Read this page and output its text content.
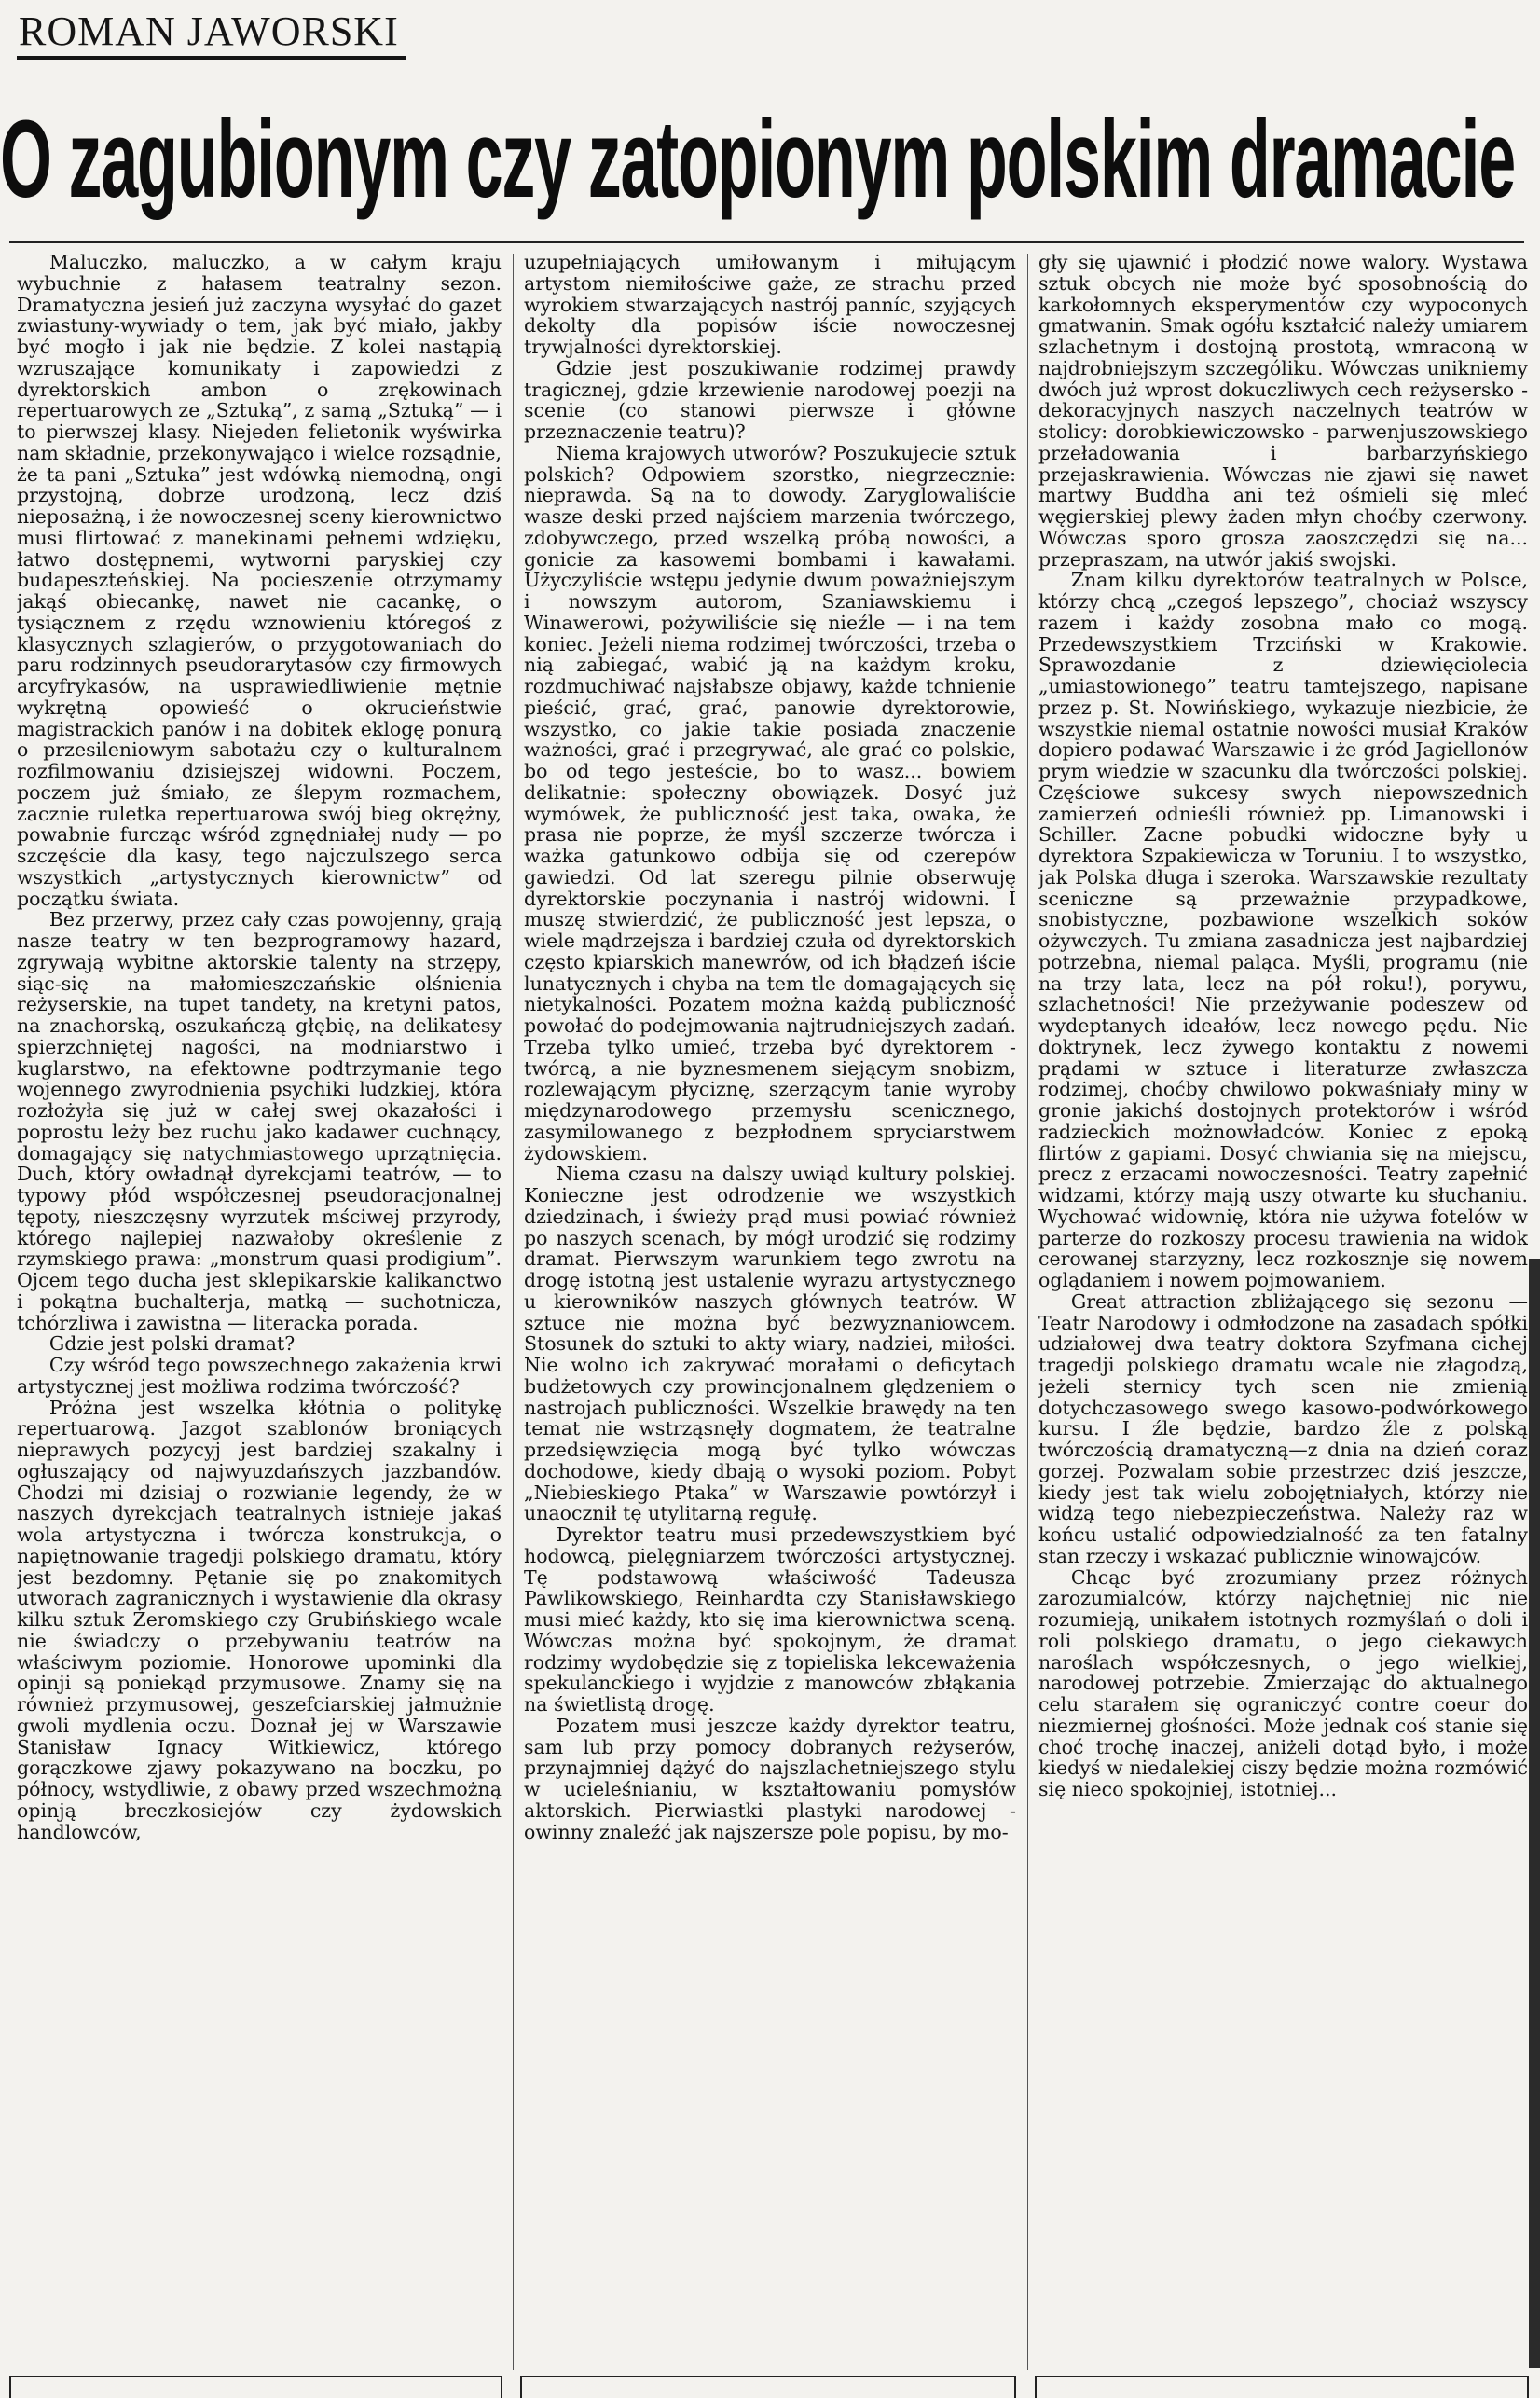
ROMAN JAWORSKI
O zagubionym czy zatopionym polskim dramacie

Maluczko, maluczko, a w całym kraju wybuchnie z hałasem teatralny sezon. Dramatyczna jesień już zaczyna wysyłać do gazet zwiastuny-wywiady o tem, jak być miało, jakby być mogło i jak nie będzie. Z kolei nastąpią wzruszające komunikaty i zapowiedzi z dyrektorskich ambon o zrękowinach repertuarowych ze „Sztuką”, z samą „Sztuką” — i to pierwszej klasy. Niejeden felietonik wyświrka nam składnie, przekonywająco i wielce rozsądnie, że ta pani „Sztuka” jest wdówką niemodną, ongi przystojną, dobrze urodzoną, lecz dziś nieposażną, i że nowoczesnej sceny kierownictwo musi flirtować z manekinami pełnemi wdzięku, łatwo dostępnemi, wytworni paryskiej czy budapeszteńskiej. Na pocieszenie otrzymamy jakąś obiecankę, nawet nie cacankę, o tysiącznem z rzędu wznowieniu któregoś z klasycznych szlagierów, o przygotowaniach do paru rodzinnych pseudorarytasów czy firmowych arcyfrykasów, na usprawiedliwienie mętnie wykrętną opowieść o okrucieństwie magistrackich panów i na dobitek eklogę ponurą o przesileniowym sabotażu czy o kulturalnem rozfilmowaniu dzisiejszej widowni. Poczem, poczem już śmiało, ze ślepym rozmachem, zacznie ruletka repertuarowa swój bieg okrężny, powabnie furcząc wśród zgnędniałej nudy — po szczęście dla kasy, tego najczulszego serca wszystkich „artystycznych kierownictw” od początku świata.

Bez przerwy, przez cały czas powojenny, grają nasze teatry w ten bezprogramowy hazard, zgrywają wybitne aktorskie talenty na strzępy, siąc-się na małomieszczańskie olśnienia reżyserskie, na tupet tandety, na kretyni patos, na znachorską, oszukańczą głębię, na delikatesy spierzchniętej nagości, na modniarstwo i kuglarstwo, na efektowne podtrzymanie tego wojennego zwyrodnienia psychiki ludzkiej, która rozłożyła się już w całej swej okazałości i poprostu leży bez ruchu jako kadawer cuchnący, domagający się natychmiastowego uprzątnięcia. Duch, który owładnął dyrekcjami teatrów, — to typowy płód współczesnej pseudoracjonalnej tępoty, nieszczęsny wyrzutek mściwej przyrody, którego najlepiej nazwałoby określenie z rzymskiego prawa: „monstrum quasi prodigium”. Ojcem tego ducha jest sklepikarskie kalikanctwo i pokątna buchalterja, matką — suchotnicza, tchórzliwa i zawistna — literacka porada.

Gdzie jest polski dramat?

Czy wśród tego powszechnego zakażenia krwi artystycznej jest możliwa rodzima twórczość?

Próżna jest wszelka kłótnia o politykę repertuarową. Jazgot szablonów broniących nieprawych pozycyj jest bardziej szakalny i ogłuszający od najwyuzdańszych jazzbandów. Chodzi mi dzisiaj o rozwianie legendy, że w naszych dyrekcjach teatralnych istnieje jakaś wola artystyczna i twórcza konstrukcja, o napiętnowanie tragedji polskiego dramatu, który jest bezdomny. Pętanie się po znakomitych utworach zagranicznych i wystawienie dla okrasy kilku sztuk Żeromskiego czy Grubińskiego wcale nie świadczy o przebywaniu teatrów na właściwym poziomie. Honorowe upominki dla opinji są poniekąd przymusowe. Znamy się na również przymusowej, geszefciarskiej jałmużnie gwoli mydlenia oczu. Doznał jej w Warszawie Stanisław Ignacy Witkiewicz, którego gorączkowe zjawy pokazywano na boczku, po północy, wstydliwie, z obawy przed wszechmożną opinją breczkosiejów czy żydowskich handlowców,

uzupełniających umiłowanym i miłującym artystom niemiłościwe gaże, ze strachu przed wyrokiem stwarzających nastrój panníc, szyjących dekolty dla popisów iście nowoczesnej trywjalności dyrektorskiej.

Gdzie jest poszukiwanie rodzimej prawdy tragicznej, gdzie krzewienie narodowej poezji na scenie (co stanowi pierwsze i główne przeznaczenie teatru)?

Niema krajowych utworów? Poszukujecie sztuk polskich? Odpowiem szorstko, niegrzecznie: nieprawda. Są na to dowody. Zaryglowaliście wasze deski przed najściem marzenia twórczego, zdobywczego, przed wszelką próbą nowości, a gonicie za kasowemi bombami i kawałami. Użyczyliście wstępu jedynie dwum poważniejszym i nowszym autorom, Szaniawskiemu i Winawerowi, pożywiliście się nieźle — i na tem koniec. Jeżeli niema rodzimej twórczości, trzeba o nią zabiegać, wabić ją na każdym kroku, rozdmuchiwać najsłabsze objawy, każde tchnienie pieścić, grać, grać, panowie dyrektorowie, wszystko, co jakie takie posiada znaczenie ważności, grać i przegrywać, ale grać co polskie, bo od tego jesteście, bo to wasz... bowiem delikatnie: społeczny obowiązek. Dosyć już wymówek, że publiczność jest taka, owaka, że prasa nie poprze, że myśl szczerze twórcza i ważka gatunkowo odbija się od czerepów gawiedzi. Od lat szeregu pilnie obserwuję dyrektorskie poczynania i nastrój widowni. I muszę stwierdzić, że publiczność jest lepsza, o wiele mądrzejsza i bardziej czuła od dyrektorskich często kpiarskich manewrów, od ich błądzeń iście lunatycznych i chyba na tem tle domagających się nietykalności. Pozatem można każdą publiczność powołać do podejmowania najtrudniejszych zadań. Trzeba tylko umieć, trzeba być dyrektorem - twórcą, a nie byznesmenem siejącym snobizm, rozlewającym płyciznę, szerzącym tanie wyroby międzynarodowego przemysłu scenicznego, zasymilowanego z bezpłodnem spryciarstwem żydowskiem.

Niema czasu na dalszy uwiąd kultury polskiej. Konieczne jest odrodzenie we wszystkich dziedzinach, i świeży prąd musi powiać również po naszych scenach, by mógł urodzić się rodzimy dramat. Pierwszym warunkiem tego zwrotu na drogę istotną jest ustalenie wyrazu artystycznego u kierowników naszych głównych teatrów. W sztuce nie można być bezwyznaniowcem. Stosunek do sztuki to akty wiary, nadziei, miłości. Nie wolno ich zakrywać morałami o deficytach budżetowych czy prowincjonalnem ględzeniem o nastrojach publiczności. Wszelkie brawędy na ten temat nie wstrząsnęły dogmatem, że teatralne przedsięwzięcia mogą być tylko wówczas dochodowe, kiedy dbają o wysoki poziom. Pobyt „Niebieskiego Ptaka” w Warszawie powtórzył i unaocznił tę utylitarną regułę.

Dyrektor teatru musi przedewszystkiem być hodowcą, pielęgniarzem twórczości artystycznej. Tę podstawową właściwość Tadeusza Pawlikowskiego, Reinhardta czy Stanisławskiego musi mieć każdy, kto się ima kierownictwa sceną. Wówczas można być spokojnym, że dramat rodzimy wydobędzie się z topieliska lekceważenia spekulanckiego i wyjdzie z manowców zbłąkania na świetlistą drogę.

Pozatem musi jeszcze każdy dyrektor teatru, sam lub przy pomocy dobranych reżyserów, przynajmniej dążyć do najszlachetniejszego stylu w ucieleśnianiu, w kształtowaniu pomysłów aktorskich. Pierwiastki plastyki narodowej -owinny znaleźć jak najszersze pole popisu, by mo-

gły się ujawnić i płodzić nowe walory. Wystawa sztuk obcych nie może być sposobnością do karkołomnych eksperymentów czy wypoconych gmatwanin. Smak ogółu kształcić należy umiarem szlachetnym i dostojną prostotą, wmraconą w najdrobniejszym szczególiku. Wówczas unikniemy dwóch już wprost dokuczliwych cech reżysersko - dekoracyjnych naszych naczelnych teatrów w stolicy: dorobkiewiczowsko - parwenjuszowskiego przeładowania i barbarzyńskiego przejaskrawienia. Wówczas nie zjawi się nawet martwy Buddha ani też ośmieli się mleć węgierskiej plewy żaden młyn choćby czerwony. Wówczas sporo grosza zaoszczędzi się na... przepraszam, na utwór jakiś swojski.

Znam kilku dyrektorów teatralnych w Polsce, którzy chcą „czegoś lepszego”, chociaż wszyscy razem i każdy zosobna mało co mogą. Przedewszystkiem Trzciński w Krakowie. Sprawozdanie z dziewięciolecia „umiastowionego” teatru tamtejszego, napisane przez p. St. Nowińskiego, wykazuje niezbicie, że wszystkie niemal ostatnie nowości musiał Kraków dopiero podawać Warszawie i że gród Jagiellonów prym wiedzie w szacunku dla twórczości polskiej. Częściowe sukcesy swych niepowszednich zamierzeń odnieśli również pp. Limanowski i Schiller. Zacne pobudki widoczne były u dyrektora Szpakiewicza w Toruniu. I to wszystko, jak Polska długa i szeroka. Warszawskie rezultaty sceniczne są przeważnie przypadkowe, snobistyczne, pozbawione wszelkich soków ożywczych. Tu zmiana zasadnicza jest najbardziej potrzebna, niemal paląca. Myśli, programu (nie na trzy lata, lecz na pół roku!), porywu, szlachetności! Nie przeżywanie podeszew od wydeptanych ideałów, lecz nowego pędu. Nie doktrynek, lecz żywego kontaktu z nowemi prądami w sztuce i literaturze zwłaszcza rodzimej, choćby chwilowo pokwaśniały miny w gronie jakichś dostojnych protektorów i wśród radzieckich możnowładców. Koniec z epoką flirtów z gapiami. Dosyć chwiania się na miejscu, precz z erzacami nowoczesności. Teatry zapełnić widzami, którzy mają uszy otwarte ku słuchaniu. Wychować widownię, która nie używa fotelów w parterze do rozkoszy procesu trawienia na widok cerowanej starzyzny, lecz rozkosznje się nowem oglądaniem i nowem pojmowaniem.

Great attraction zbliżającego się sezonu — Teatr Narodowy i odmłodzone na zasadach spółki udziałowej dwa teatry doktora Szyfmana cichej tragedji polskiego dramatu wcale nie złagodzą, jeżeli sternicy tych scen nie zmienią dotychczasowego swego kasowo-podwórkowego kursu. I źle będzie, bardzo źle z polską twórczością dramatyczną—z dnia na dzień coraz gorzej. Pozwalam sobie przestrzec dziś jeszcze, kiedy jest tak wielu zobojętniałych, którzy nie widzą tego niebezpieczeństwa. Należy raz w końcu ustalić odpowiedzialność za ten fatalny stan rzeczy i wskazać publicznie winowajców.

Chcąc być zrozumiany przez różnych zarozumialców, którzy najchętniej nic nie rozumieją, unikałem istotnych rozmyślań o doli i roli polskiego dramatu, o jego ciekawych naroślach współczesnych, o jego wielkiej, narodowej potrzebie. Zmierzając do aktualnego celu starałem się ograniczyć contre coeur do niezmiernej głośności. Może jednak coś stanie się choć trochę inaczej, aniżeli dotąd było, i może kiedyś w niedalekiej ciszy będzie można rozmówić się nieco spokojniej, istotniej...
